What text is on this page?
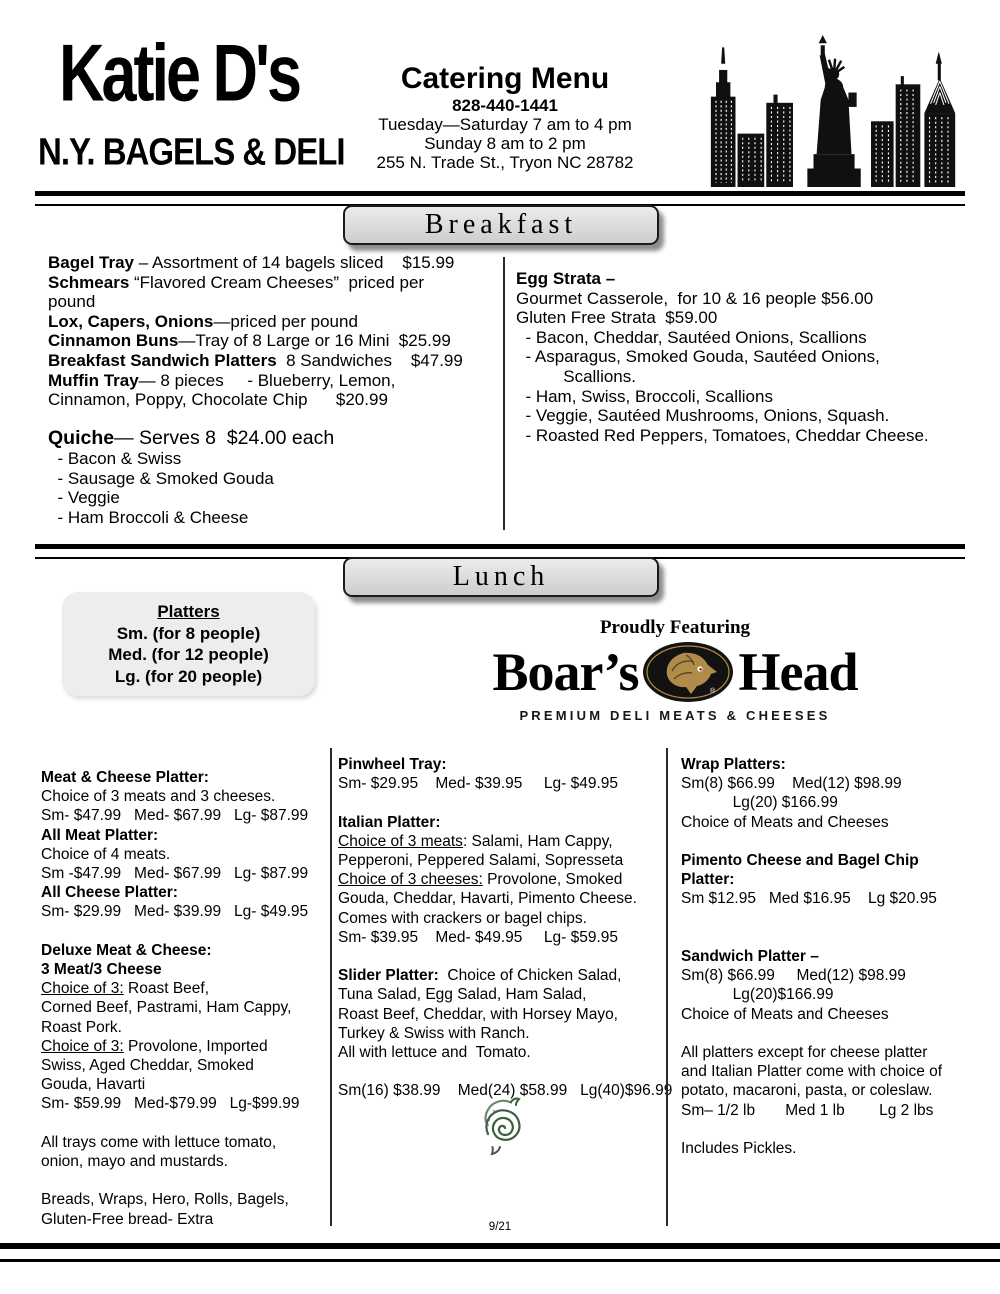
Katie D's
N.Y. BAGELS & DELI
Catering Menu
828-440-1441
Tuesday—Saturday 7 am to 4 pm
Sunday 8 am to 2 pm
255 N. Trade St., Tryon NC 28782
Breakfast
Bagel Tray – Assortment of 14 bagels sliced    $15.99
Schmears “Flavored Cream Cheeses”  priced per
pound
Lox, Capers, Onions—priced per pound
Cinnamon Buns—Tray of 8 Large or 16 Mini  $25.99
Breakfast Sandwich Platters  8 Sandwiches    $47.99
Muffin Tray— 8 pieces     - Blueberry, Lemon,
Cinnamon, Poppy, Chocolate Chip      $20.99

Quiche— Serves 8  $24.00 each
- Bacon & Swiss
- Sausage & Smoked Gouda
- Veggie
- Ham Broccoli & Cheese
Egg Strata –
Gourmet Casserole,  for 10 & 16 people $56.00
Gluten Free Strata  $59.00
- Bacon, Cheddar, Sautéed Onions, Scallions
- Asparagus, Smoked Gouda, Sautéed Onions,
Scallions.
- Ham, Swiss, Broccoli, Scallions
- Veggie, Sautéed Mushrooms, Onions, Squash.
- Roasted Red Peppers, Tomatoes, Cheddar Cheese.
Lunch
Platters
Sm. (for 8 people)
Med. (for 12 people)
Lg. (for 20 people)
Proudly Featuring
Boar’s	® Head
PREMIUM DELI MEATS & CHEESES
Meat & Cheese Platter:
Choice of 3 meats and 3 cheeses.
Sm- $47.99   Med- $67.99   Lg- $87.99
All Meat Platter:
Choice of 4 meats.
Sm -$47.99   Med- $67.99   Lg- $87.99
All Cheese Platter:
Sm- $29.99   Med- $39.99   Lg- $49.95

Deluxe Meat & Cheese:
3 Meat/3 Cheese
Choice of 3: Roast Beef,
Corned Beef, Pastrami, Ham Cappy,
Roast Pork.
Choice of 3: Provolone, Imported
Swiss, Aged Cheddar, Smoked
Gouda, Havarti
Sm- $59.99   Med-$79.99   Lg-$99.99

All trays come with lettuce tomato,
onion, mayo and mustards.

Breads, Wraps, Hero, Rolls, Bagels,
Gluten-Free bread- Extra
Pinwheel Tray:
Sm- $29.95    Med- $39.95     Lg- $49.95

Italian Platter:
Choice of 3 meats: Salami, Ham Cappy,
Pepperoni, Peppered Salami, Sopresseta
Choice of 3 cheeses: Provolone, Smoked
Gouda, Cheddar, Havarti, Pimento Cheese.
Comes with crackers or bagel chips.
Sm- $39.95    Med- $49.95     Lg- $59.95

Slider Platter:  Choice of Chicken Salad,
Tuna Salad, Egg Salad, Ham Salad,
Roast Beef, Cheddar, with Horsey Mayo,
Turkey & Swiss with Ranch.
All with lettuce and  Tomato.

Sm(16) $38.99    Med(24) $58.99   Lg(40)$96.99
Wrap Platters:
Sm(8) $66.99    Med(12) $98.99
Lg(20) $166.99
Choice of Meats and Cheeses

Pimento Cheese and Bagel Chip
Platter:
Sm $12.95   Med $16.95    Lg $20.95

Sandwich Platter –
Sm(8) $66.99     Med(12) $98.99
Lg(20)$166.99
Choice of Meats and Cheeses

All platters except for cheese platter
and Italian Platter come with choice of
potato, macaroni, pasta, or coleslaw.
Sm– 1/2 lb       Med 1 lb        Lg 2 lbs

Includes Pickles.
9/21
